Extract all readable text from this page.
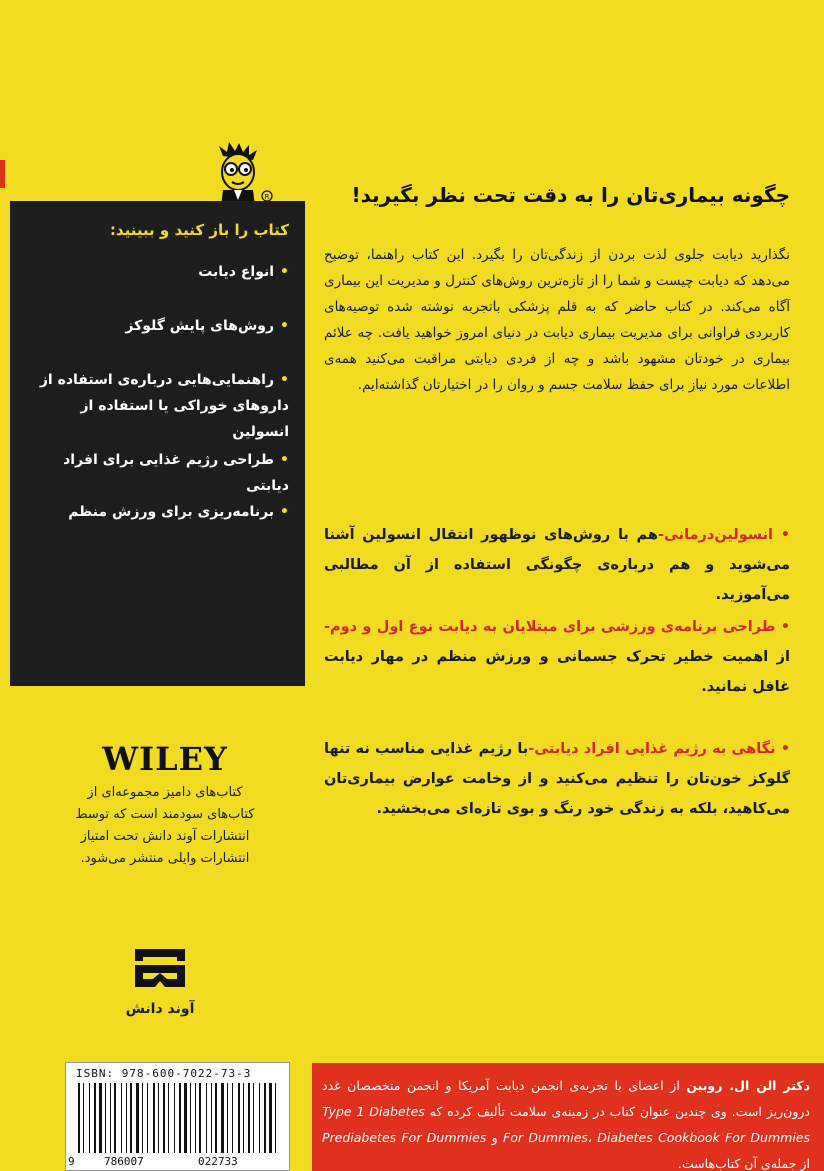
R
کتاب را باز کنید و ببینید:
•انواع دیابت
•روش‌های پایش گلوکز
•راهنمایی‌هایی درباره‌ی استفاده از داروهای خوراکی یا استفاده از انسولین
•طراحی رژیم غذایی برای افراد دیابتی
•برنامه‌ریزی برای ورزش منظم
چگونه بیماری‌تان را به دقت تحت نظر بگیرید!
نگذارید دیابت جلوی لذت بردن از زندگی‌تان را بگیرد. این کتاب راهنما، توضیح می‌دهد که دیابت چیست و شما را از تازه‌ترین روش‌های کنترل و مدیریت این بیماری آگاه می‌کند. در کتاب حاضر که به قلم پزشکی باتجربه نوشته شده توصیه‌های کاربردی فراوانی برای مدیریت بیماری دیابت در دنیای امروز خواهید یافت. چه علائم بیماری در خودتان مشهود باشد و چه از فردی دیابتی مراقبت می‌کنید همه‌ی اطلاعات مورد نیاز برای حفظ سلامت جسم و روان را در اختیارتان گذاشته‌ایم.
• انسولین‌درمانی-هم با روش‌های نوظهور انتقال انسولین آشنا می‌شوید و هم درباره‌ی چگونگی استفاده از آن مطالبی می‌آموزید.
• طراحی برنامه‌ی ورزشی برای مبتلایان به دیابت نوع اول و دوم-از اهمیت خطیر تحرک جسمانی و ورزش منظم در مهار دیابت غافل نمانید.
• نگاهی به رژیم غذایی افراد دیابتی-با رژیم غذایی مناسب نه تنها گلوکز خون‌تان را تنظیم می‌کنید و از وخامت عوارض بیماری‌تان می‌کاهید، بلکه به زندگی خود رنگ و بوی تازه‌ای می‌بخشید.
WILEY
کتاب‌های دامیز مجموعه‌ای از کتاب‌های سودمند است که توسط انتشارات آوند دانش تحت امتیاز انتشارات وایلی منتشر می‌شود.
آوند دانش
ISBN: 978-600-7022-73-3
9	786007	022733
دکتر الن ال. روبین از اعضای با تجربه‌ی انجمن دیابت آمریکا و انجمن متخصصان غدد درون‌ریز است. وی چندین عنوان کتاب در زمینه‌ی سلامت تألیف کرده که Type 1 Diabetes For Dummies، Diabetes Cookbook For Dummies و Prediabetes For Dummies از جمله‌ی آن کتاب‌هاست.
